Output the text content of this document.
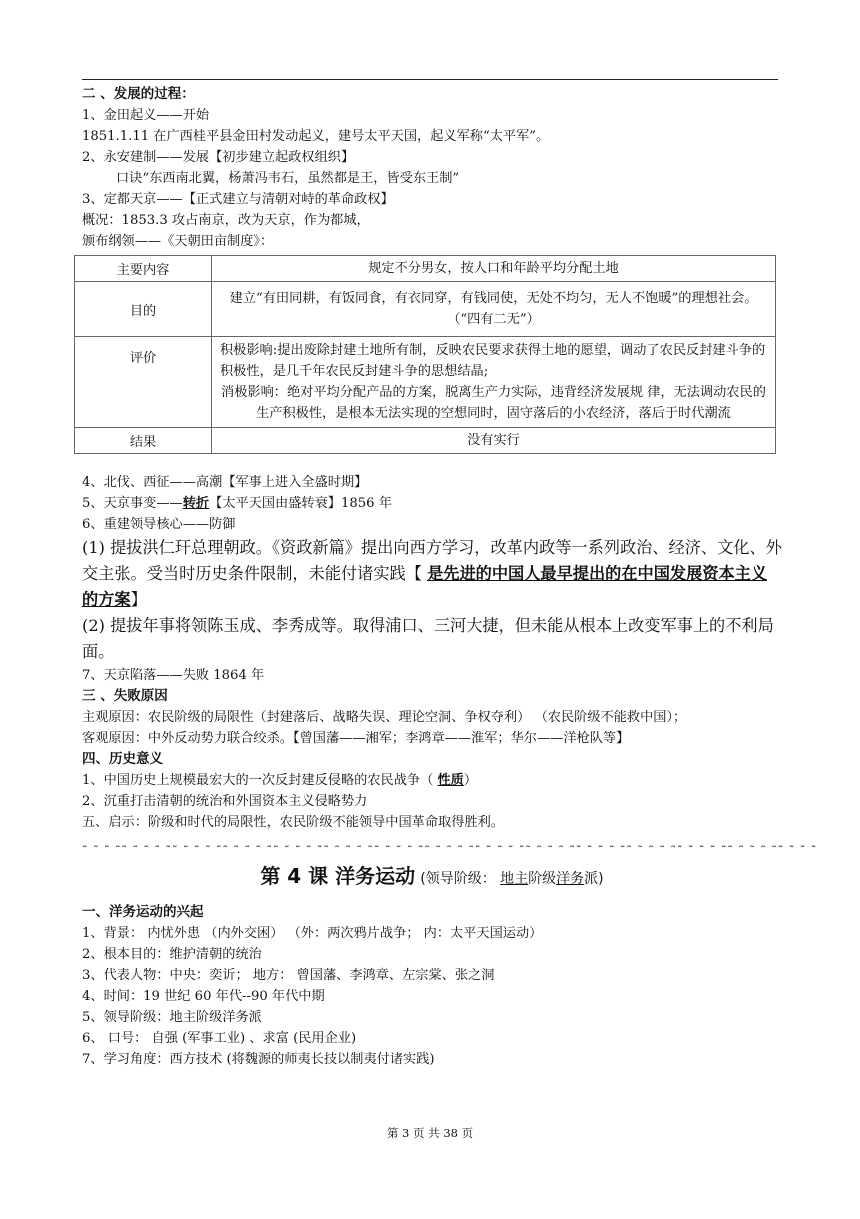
二 、发展的过程：
1、金田起义——开始
1851.1.11 在广西桂平县金田村发动起义，建号太平天国，起义军称“太平军”。
2、永安建制——发展【初步建立起政权组织】
口诀“东西南北翼，杨萧冯韦石，虽然都是王，皆受东王制”
3、定都天京——【正式建立与清朝对峙的革命政权】
概况：1853.3 攻占南京，改为天京，作为都城，
颁布纲领——《天朝田亩制度》：
主要内容	规定不分男女，按人口和年龄平均分配土地
目的	建立“有田同耕，有饭同食，有衣同穿，有钱同使，无处不均匀，无人不饱暖”的理想社会。 （“四有二无”）
评价	积极影响:提出废除封建土地所有制，反映农民要求获得土地的愿望，调动了农民反封建斗争的积极性，是几千年农民反封建斗争的思想结晶;
消极影响：绝对平均分配产品的方案，脱离生产力实际，违背经济发展规 律，无法调动农民的生产积极性，是根本无法实现的空想同时，固守落后的小农经济，落后于时代潮流

结果	没有实行
4、北伐、西征——高潮【军事上进入全盛时期】
5、天京事变——转折【太平天国由盛转衰】1856 年
6、重建领导核心——防御
(1) 提拔洪仁玕总理朝政。《资政新篇》提出向西方学习，改革内政等一系列政治、经济、文化、外交主张。受当时历史条件限制，未能付诸实践【 是先进的中国人最早提出的在中国发展资本主义的方案】
(2) 提拔年事将领陈玉成、李秀成等。取得浦口、三河大捷，但未能从根本上改变军事上的不利局面。
7、天京陷落——失败 1864 年
三 、失败原因
主观原因：农民阶级的局限性（封建落后、战略失误、理论空洞、争权夺利） （农民阶级不能救中国）；
客观原因：中外反动势力联合绞杀。【曾国藩——湘军；李鸿章——淮军；华尔——洋枪队等】
四、历史意义
1、中国历史上规模最宏大的一次反封建反侵略的农民战争（ 性质）
2、沉重打击清朝的统治和外国资本主义侵略势力
五、启示：阶级和时代的局限性，农民阶级不能领导中国革命取得胜利。
˷ ˷ ˷ ˷˷ ˷ ˷ ˷ ˷˷ ˷ ˷ ˷ ˷˷ ˷ ˷ ˷ ˷˷ ˷ ˷ ˷ ˷˷ ˷ ˷ ˷ ˷˷ ˷ ˷ ˷ ˷˷ ˷ ˷ ˷ ˷˷ ˷ ˷ ˷ ˷˷ ˷ ˷ ˷ ˷˷ ˷ ˷ ˷ ˷˷ ˷ ˷ ˷ ˷˷ ˷ ˷ ˷ ˷˷ ˷ ˷ ˷ ˷˷ ˷ ˷ ˷
第 4 课 洋务运动 (领导阶级： 地主阶级洋务派)
一、洋务运动的兴起
1、背景： 内忧外患 （内外交困） （外：两次鸦片战争； 内：太平天国运动）
2、根本目的：维护清朝的统治
3、代表人物：中央：奕䜣； 地方： 曾国藩、李鸿章、左宗棠、张之洞
4、时间：19 世纪 60 年代--90 年代中期
5、领导阶级：地主阶级洋务派
6、 口号： 自强 (军事工业) 、求富 (民用企业)
7、学习角度：西方技术 (将魏源的师夷长技以制夷付诸实践)
第 3 页 共 38 页
